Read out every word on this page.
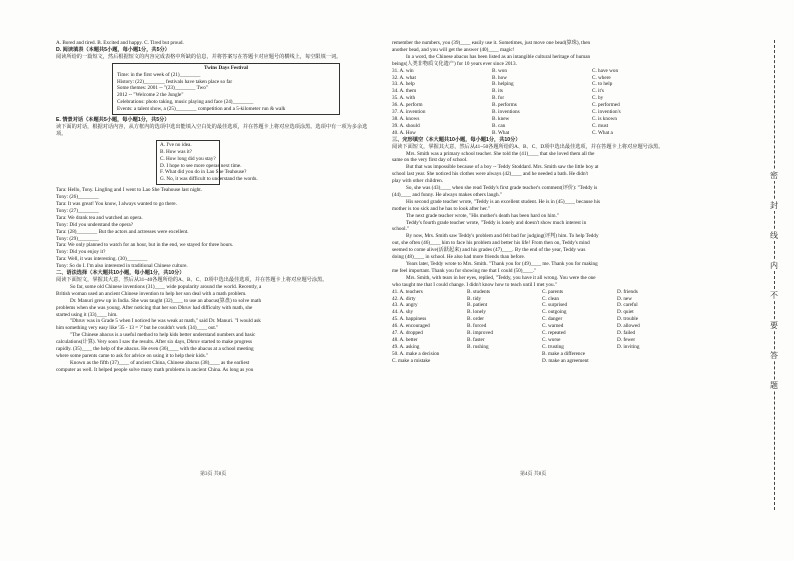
A. Bored and tired. B. Excited and happy. C. Tired but proud.
D. 阅读填表（本题共5小题，每小题1分，共5分）
阅读所给的一篇短文，然后根据短文的内容完成表格中所缺的信息，并将答案写在答题卡对应题号的横线上，每空限填一词。
Twins Days Festival
Time: in the first week of (21)________
History: (22)________ festivals have taken place so far
Some themes: 2001 -- "(23)________ Two"
2012 -- "Welcome 2 the Jungle"
Celebrations: photo taking, music playing and face (24)________
Events: a talent show, a (25)________ competition and a 5-kilometer run & walk
E. 情景对话（本题共5小题，每小题1分，共5分）
读下面的对话，根据对话内容，从方框内的选项中选出能填入空白处的最佳选项，并在答题卡上将对应选项涂黑。选项中有一项为多余选项。
A. I've no idea.
B. How was it?
C. How long did you stay?
D. I hope to see more operas next time.
F. What did you do in Lao She Teahouse?
G. No, it was difficult to understand the words.
Tara: Hello, Tony. Lingling and I went to Lao She Teahouse last night.
Tony: (26)________
Tara: It was great! You know, I always wanted to go there.
Tony: (27)________
Tara: We drank tea and watched an opera.
Tony: Did you understand the opera?
Tara: (28)________ But the actors and actresses were excellent.
Tony: (29)________
Tara: We only planned to watch for an hour, but in the end, we stayed for three hours.
Tony: Did you enjoy it?
Tara: Well, it was interesting. (30)________
Tony: So do I. I'm also interested in traditional Chinese culture.
二、语法选择（本大题共10小题，每小题1分，共10分）
阅读下面短文，掌握其大意，然后从31~40各题所给的A、B、C、D项中选出最佳选项，并在答题卡上将对应题号涂黑。
So far, some old Chinese inventions (31)____ wide popularity around the world. Recently, a
British woman used an ancient Chinese invention to help her son deal with a math problem.
Dr. Manuri grew up in India. She was taught (32)____ to use an abacus(算盘) to solve math
problems when she was young. After noticing that her son Dhruv had difficulty with math, she
started using it (33)____ him.
"Dhruv was in Grade 5 when I noticed he was weak at math," said Dr. Manuri. "I would ask
him something very easy like '35 - 13 = ?' but he couldn't work (34)____ out."
"The Chinese abacus is a useful method to help kids better understand numbers and basic
calculations(计算). Very soon I saw the results. After six days, Dhruv started to make progress
rapidly. (35)____ the help of the abacus. He even (36)____ with the abacus at a school meeting
where some parents came to ask for advice on using it to help their kids."
Known as the fifth (37)____ of ancient China, Chinese abacus (38)____ as the earliest
computer as well. It helped people solve many math problems in ancient China. As long as you
第3页 共8页
remember the numbers, you (39)____ easily use it. Sometimes, just move one bead(算珠), then
another bead, and you will get the answer (40)____ magic!
In a word, the Chinese abacus has been listed as an intangible cultural heritage of human
beings(人类非物质文化遗产) for 10 years ever since 2013.
31. A. win	B. won	C. have won
32. A. what	B. how	C. where
33. A. help	B. helping	C. to help
34. A. them	B. its	C. it's
35. A. with	B. for	C. by
36. A. perform	B. performs	C. performed
37. A. invention	B. inventions	C. invention's
38. A. knows	B. knew	C. is known
39. A. should	B. can	C. must
40. A. How	B. What	C. What a
三、完形填空（本大题共10小题，每小题1分，共10分）
阅读下面短文，掌握其大意，然后从41~50各题所给的A、B、C、D项中选出最佳选项，并在答题卡上将对应题号涂黑。
Mrs. Smith was a primary school teacher. She told the (41)____ that she loved them all the
same on the very first day of school.
But that was impossible because of a boy -- Teddy Stoddard. Mrs. Smith saw the little boy at
school last year. She noticed his clothes were always (42)____ and he needed a bath. He didn't
play with other children.
So, she was (43)____ when she read Teddy's first grade teacher's comment(评价): "Teddy is
(44)____ and funny. He always makes others laugh."
His second grade teacher wrote, "Teddy is an excellent student. He is in (45)____ because his
mother is too sick and he has to look after her."
The next grade teacher wrote, "His mother's death has been hard on him."
Teddy's fourth grade teacher wrote, "Teddy is lonely and doesn't show much interest in
school."
By now, Mrs. Smith saw Teddy's problem and felt bad for judging(评判) him. To help Teddy
out, she often (46)____ him to face his problem and better his life! From then on, Teddy's mind
seemed to come alive(活跃起来) and his grades (47)____. By the end of the year, Teddy was
doing (48)____ in school. He also had more friends than before.
Years later, Teddy wrote to Mrs. Smith. "Thank you for (49)____ me. Thank you for making
me feel important. Thank you for showing me that I could (50)____."
Mrs. Smith, with tears in her eyes, replied, "Teddy, you have it all wrong. You were the one
who taught me that I could change. I didn't know how to teach until I met you."
41. A. teachers	B. students	C. parents	D. friends
42. A. dirty	B. tidy	C. clean	D. new
43. A. angry	B. patient	C. surprised	D. careful
44. A. shy	B. lonely	C. outgoing	D. quiet
45. A. happiness	B. order	C. danger	D. trouble
46. A. encouraged	B. forced	C. warned	D. allowed
47. A. dropped	B. improved	C. repeated	D. failed
48. A. better	B. faster	C. worse	D. fewer
49. A. asking	B. rushing	C. trusting	D. inviting
50. A. make a decision	B. make a difference
C. make a mistake	D. make an agreement
第4页 共8页
密
封
线
内
不
要
答
题
